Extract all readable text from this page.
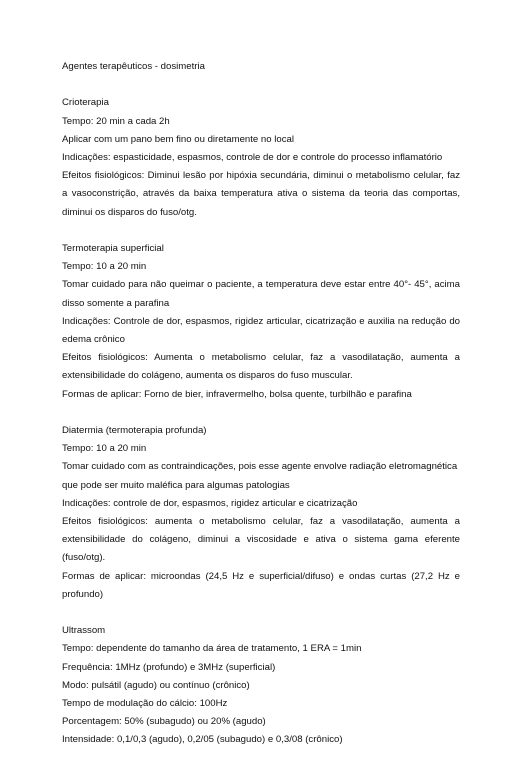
Agentes terapêuticos - dosimetria

Crioterapia
Tempo: 20 min a cada 2h
Aplicar com um pano bem fino ou diretamente no local
Indicações: espasticidade, espasmos, controle de dor e controle do processo inflamatório
Efeitos fisiológicos: Diminui lesão por hipóxia secundária, diminui o metabolismo celular, faz a vasoconstrição, através da baixa temperatura ativa o sistema da teoria das comportas, diminui os disparos do fuso/otg.
Termoterapia superficial
Tempo: 10 a 20 min
Tomar cuidado para não queimar o paciente, a temperatura deve estar entre 40°- 45°, acima disso somente a parafina
Indicações: Controle de dor, espasmos, rigidez articular, cicatrização e auxilia na redução do edema crônico
Efeitos fisiológicos: Aumenta o metabolismo celular, faz a vasodilatação, aumenta a extensibilidade do colágeno, aumenta os disparos do fuso muscular.
Formas de aplicar: Forno de bier, infravermelho, bolsa quente, turbilhão e parafina
Diatermia (termoterapia profunda)
Tempo: 10 a 20 min
Tomar cuidado com as contraindicações, pois esse agente envolve radiação eletromagnética que pode ser muito maléfica para algumas patologias
Indicações: controle de dor, espasmos, rigidez articular e cicatrização
Efeitos fisiológicos: aumenta o metabolismo celular, faz a vasodilatação, aumenta a extensibilidade do colágeno, diminui a viscosidade e ativa o sistema gama eferente (fuso/otg).
Formas de aplicar: microondas (24,5 Hz e superficial/difuso) e ondas curtas (27,2 Hz e profundo)
Ultrassom
Tempo: dependente do tamanho da área de tratamento, 1 ERA = 1min
Frequência: 1MHz (profundo) e 3MHz (superficial)
Modo: pulsátil (agudo) ou contínuo (crônico)
Tempo de modulação do cálcio: 100Hz
Porcentagem: 50% (subagudo) ou 20% (agudo)
Intensidade: 0,1/0,3 (agudo), 0,2/05 (subagudo) e 0,3/08 (crônico)
